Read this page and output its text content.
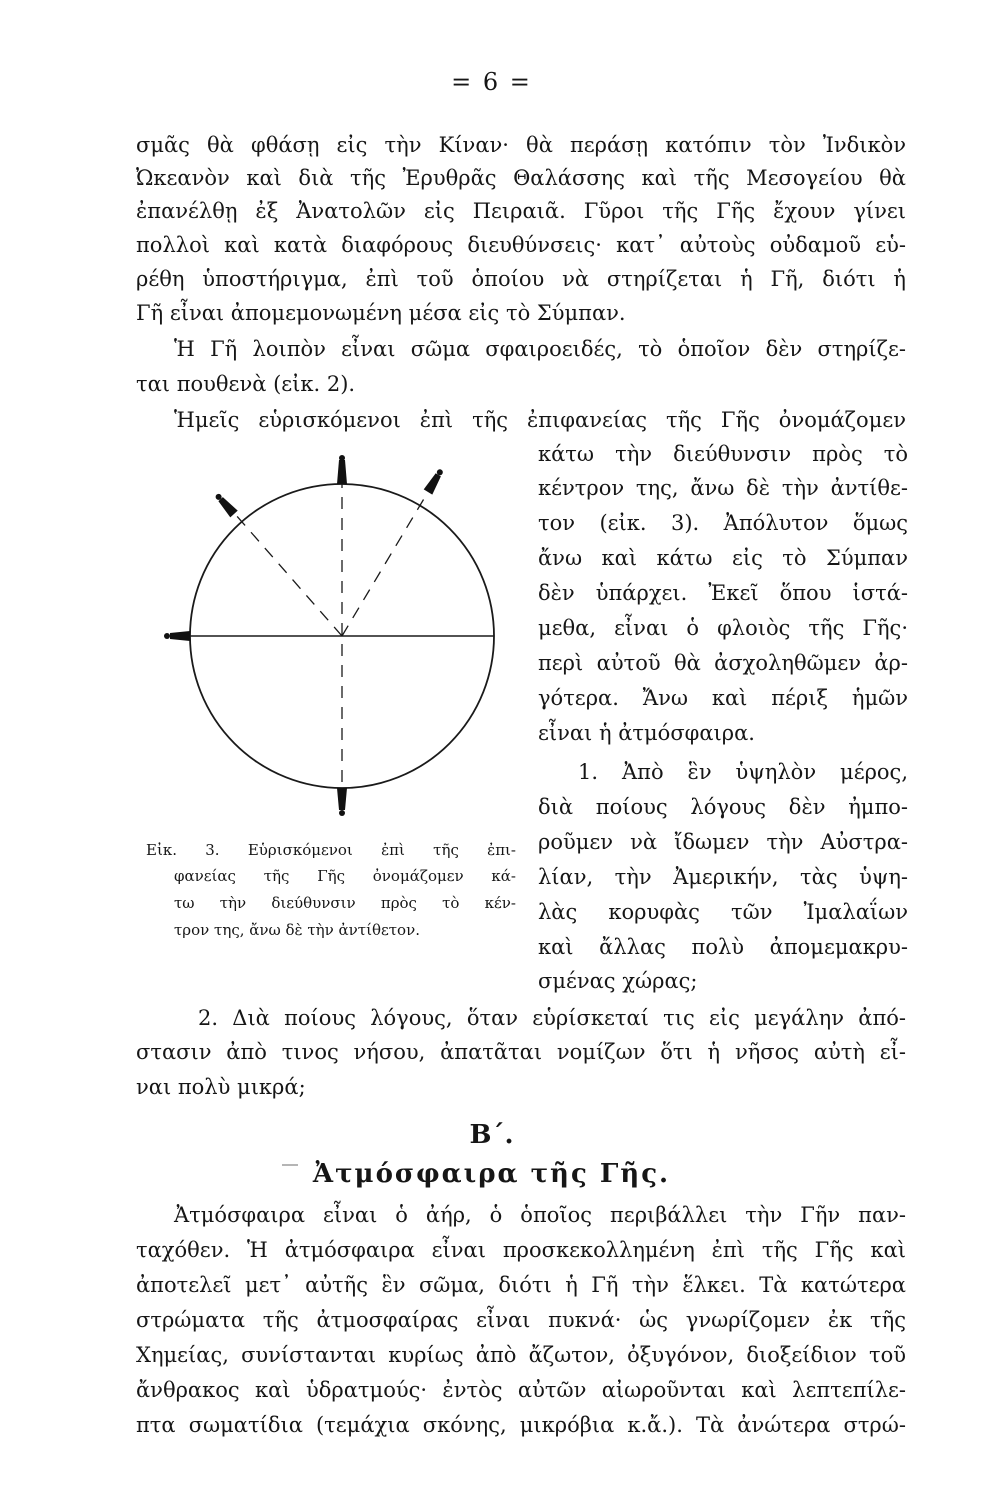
= 6 =

σμᾶς θὰ φθάσῃ εἰς τὴν Κίναν· θὰ περάσῃ κατόπιν τὸν Ἰνδικὸν

Ὠκεανὸν καὶ διὰ τῆς Ἐρυθρᾶς Θαλάσσης καὶ τῆς Μεσογείου θὰ

ἐπανέλθῃ ἐξ Ἀνατολῶν εἰς Πειραιᾶ. Γῦροι τῆς Γῆς ἔχουν γίνει

πολλοὶ καὶ κατὰ διαφόρους διευθύνσεις· κατ᾽ αὐτοὺς οὐδαμοῦ εὑ-

ρέθη ὑποστήριγμα, ἐπὶ τοῦ ὁποίου νὰ στηρίζεται ἡ Γῆ, διότι ἡ

Γῆ εἶναι ἀπομεμονωμένη μέσα εἰς τὸ Σύμπαν.

Ἡ Γῆ λοιπὸν εἶναι σῶμα σφαιροειδές, τὸ ὁποῖον δὲν στηρίζε-

ται πουθενὰ (εἰκ. 2).

Ἡμεῖς εὑρισκόμενοι ἐπὶ τῆς ἐπιφανείας τῆς Γῆς ὀνομάζομεν

κάτω τὴν διεύθυνσιν πρὸς τὸ

κέντρον της, ἄνω δὲ τὴν ἀντίθε-

τον (εἰκ. 3). Ἀπόλυτον ὅμως

ἄνω καὶ κάτω εἰς τὸ Σύμπαν

δὲν ὑπάρχει. Ἐκεῖ ὅπου ἱστά-

μεθα, εἶναι ὁ φλοιὸς τῆς Γῆς·

περὶ αὐτοῦ θὰ ἀσχοληθῶμεν ἀρ-

γότερα. Ἄνω καὶ πέριξ ἡμῶν

εἶναι ἡ ἀτμόσφαιρα.

1. Ἀπὸ ἓν ὑψηλὸν μέρος,

διὰ ποίους λόγους δὲν ἠμπο-

ροῦμεν νὰ ἴδωμεν τὴν Αὐστρα-

λίαν, τὴν Ἀμερικήν, τὰς ὑψη-

λὰς κορυφὰς τῶν Ἰμαλαΐων

καὶ ἄλλας πολὺ ἀπομεμακρυ-

σμένας χώρας;

Εἰκ. 3. Εὑρισκόμενοι ἐπὶ τῆς ἐπι-

φανείας τῆς Γῆς ὀνομάζομεν κά-

τω τὴν διεύθυνσιν πρὸς τὸ κέν-

τρον της, ἄνω δὲ τὴν ἀντίθετον.

2. Διὰ ποίους λόγους, ὅταν εὑρίσκεταί τις εἰς μεγάλην ἀπό-

στασιν ἀπὸ τινος νήσου, ἀπατᾶται νομίζων ὅτι ἡ νῆσος αὐτὴ εἶ-

ναι πολὺ μικρά;

Β΄.
Ἀτμόσφαιρα τῆς Γῆς.

Ἀτμόσφαιρα εἶναι ὁ ἀήρ, ὁ ὁποῖος περιβάλλει τὴν Γῆν παν-

ταχόθεν. Ἡ ἀτμόσφαιρα εἶναι προσκεκολλημένη ἐπὶ τῆς Γῆς καὶ

ἀποτελεῖ μετ᾽ αὐτῆς ἓν σῶμα, διότι ἡ Γῆ τὴν ἕλκει. Τὰ κατώτερα

στρώματα τῆς ἀτμοσφαίρας εἶναι πυκνά· ὡς γνωρίζομεν ἐκ τῆς

Χημείας, συνίστανται κυρίως ἀπὸ ἄζωτον, ὀξυγόνον, διοξείδιον τοῦ

ἄνθρακος καὶ ὑδρατμούς· ἐντὸς αὐτῶν αἰωροῦνται καὶ λεπτεπίλε-

πτα σωματίδια (τεμάχια σκόνης, μικρόβια κ.ἄ.). Τὰ ἀνώτερα στρώ-
